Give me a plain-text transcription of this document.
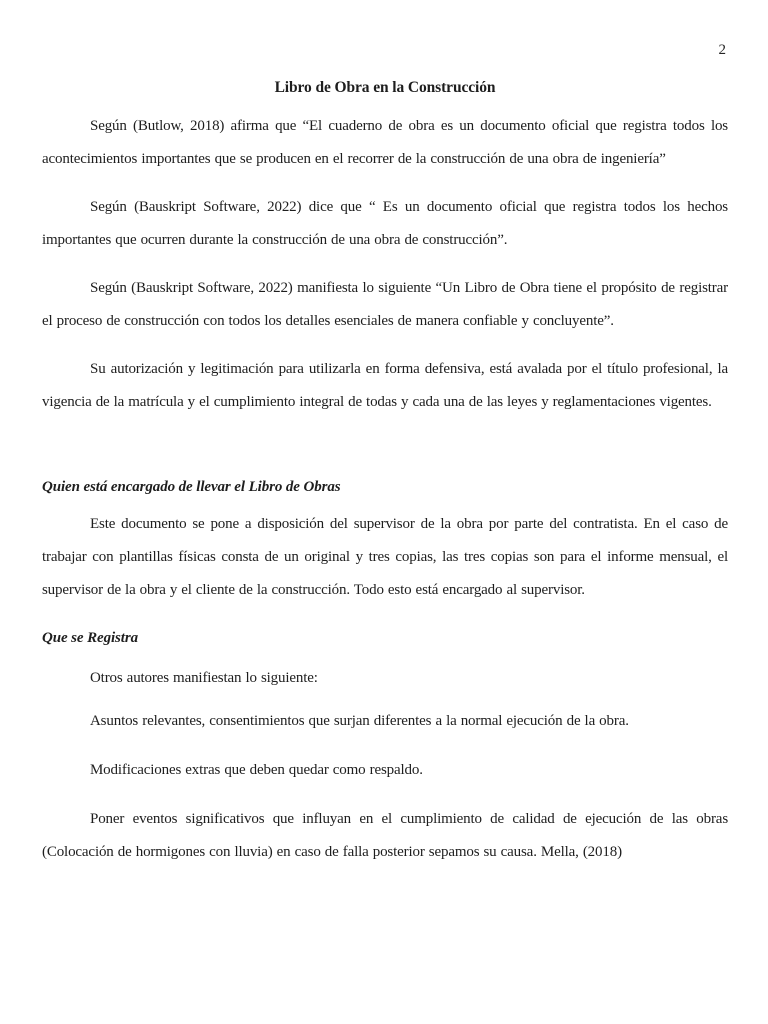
2
Libro de Obra en la Construcción

Según (Butlow, 2018) afirma que “El cuaderno de obra es un documento oficial que registra todos los acontecimientos importantes que se producen en el recorrer de la construcción de una obra de ingeniería”

Según (Bauskript Software, 2022) dice que “ Es un documento oficial que registra todos los hechos importantes que ocurren durante la construcción de una obra de construcción”.

Según (Bauskript Software, 2022) manifiesta lo siguiente “Un Libro de Obra tiene el propósito de registrar el proceso de construcción con todos los detalles esenciales de manera confiable y concluyente”.

Su autorización y legitimación para utilizarla en forma defensiva, está avalada por el título profesional, la vigencia de la matrícula y el cumplimiento integral de todas y cada una de las leyes y reglamentaciones vigentes.

Quien está encargado de llevar el Libro de Obras

Este documento se pone a disposición del supervisor de la obra por parte del contratista. En el caso de trabajar con plantillas físicas consta de un original y tres copias, las tres copias son para el informe mensual, el supervisor de la obra y el cliente de la construcción. Todo esto está encargado al supervisor.

Que se Registra

Otros autores manifiestan lo siguiente:

Asuntos relevantes, consentimientos que surjan diferentes a la normal ejecución de la obra.

Modificaciones extras que deben quedar como respaldo.

Poner eventos significativos que influyan en el cumplimiento de calidad de ejecución de las obras (Colocación de hormigones con lluvia) en caso de falla posterior sepamos su causa. Mella, (2018)
